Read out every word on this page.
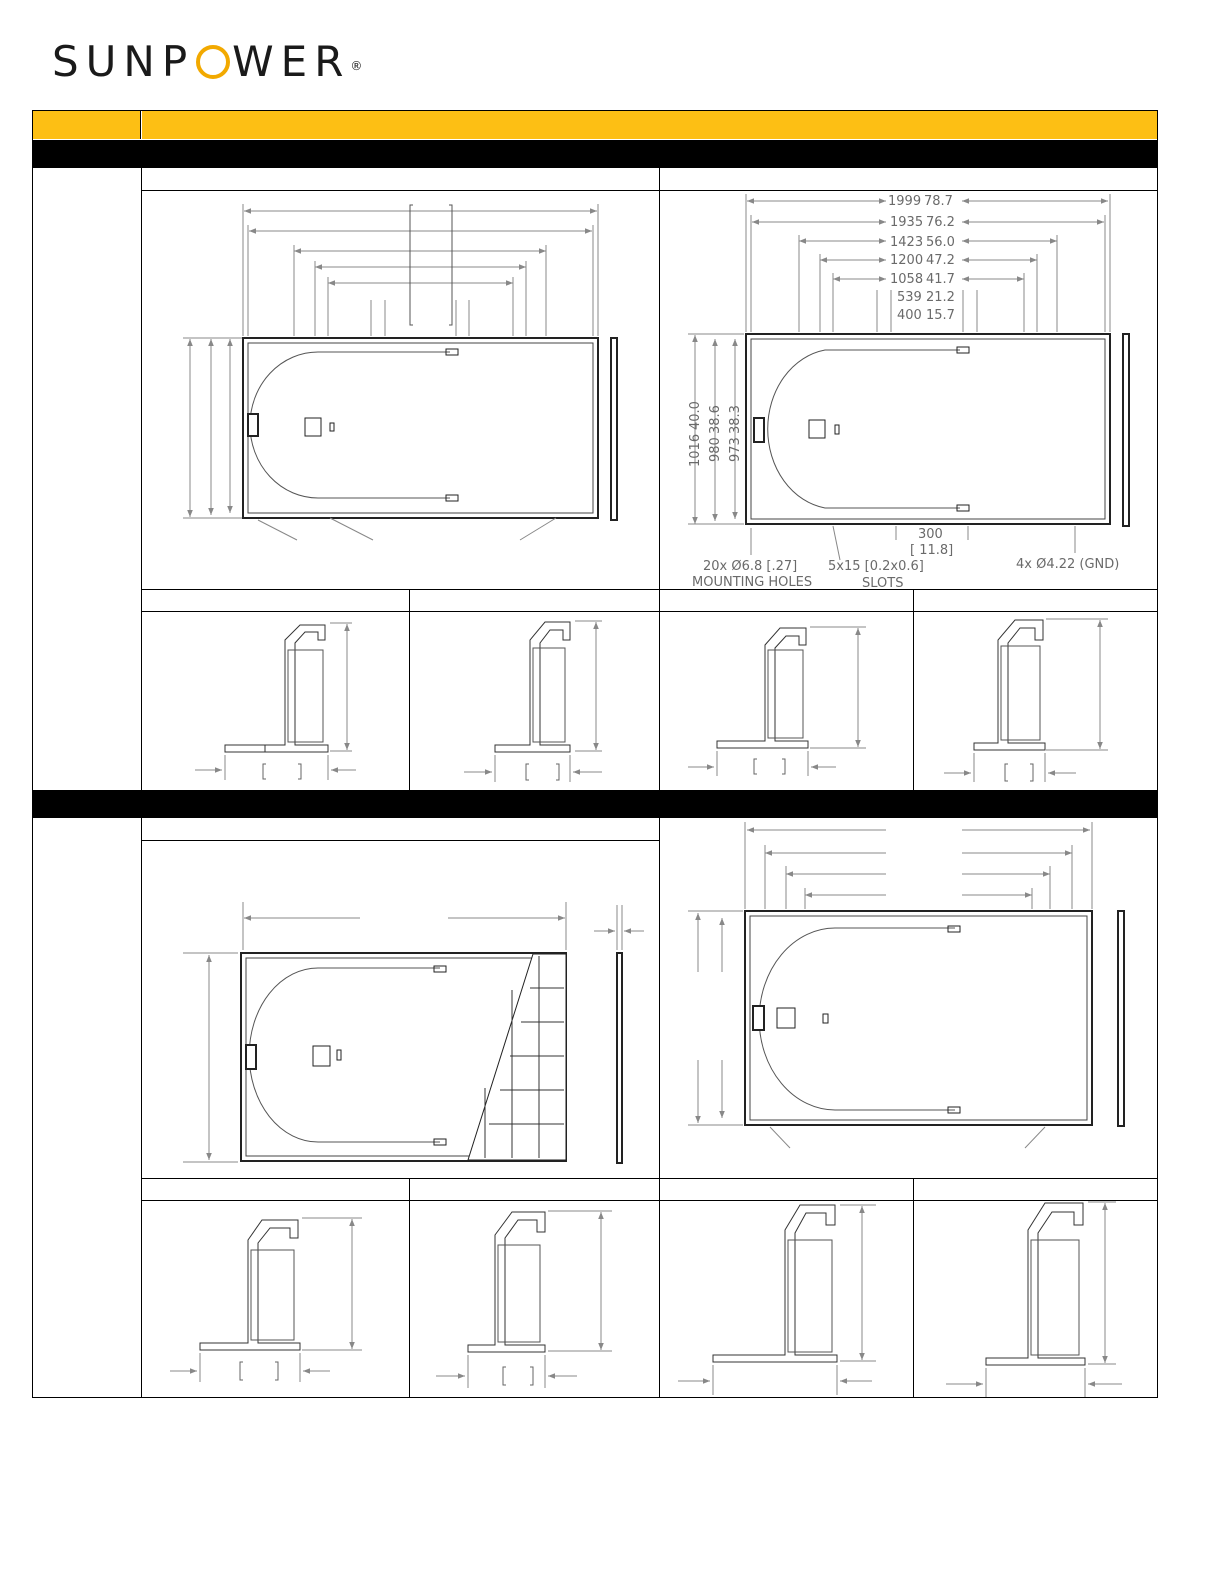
SUNP WER®
1999 78.7
1935 76.2
1423 56.0
1200 47.2
1058 41.7
539 21.2
400 15.7
1016
40.0
980
38.6
973
38.3
300
[ 11.8]
20x Ø6.8 [.27]
MOUNTING HOLES
5x15 [0.2x0.6]
SLOTS
4x Ø4.22 (GND)
